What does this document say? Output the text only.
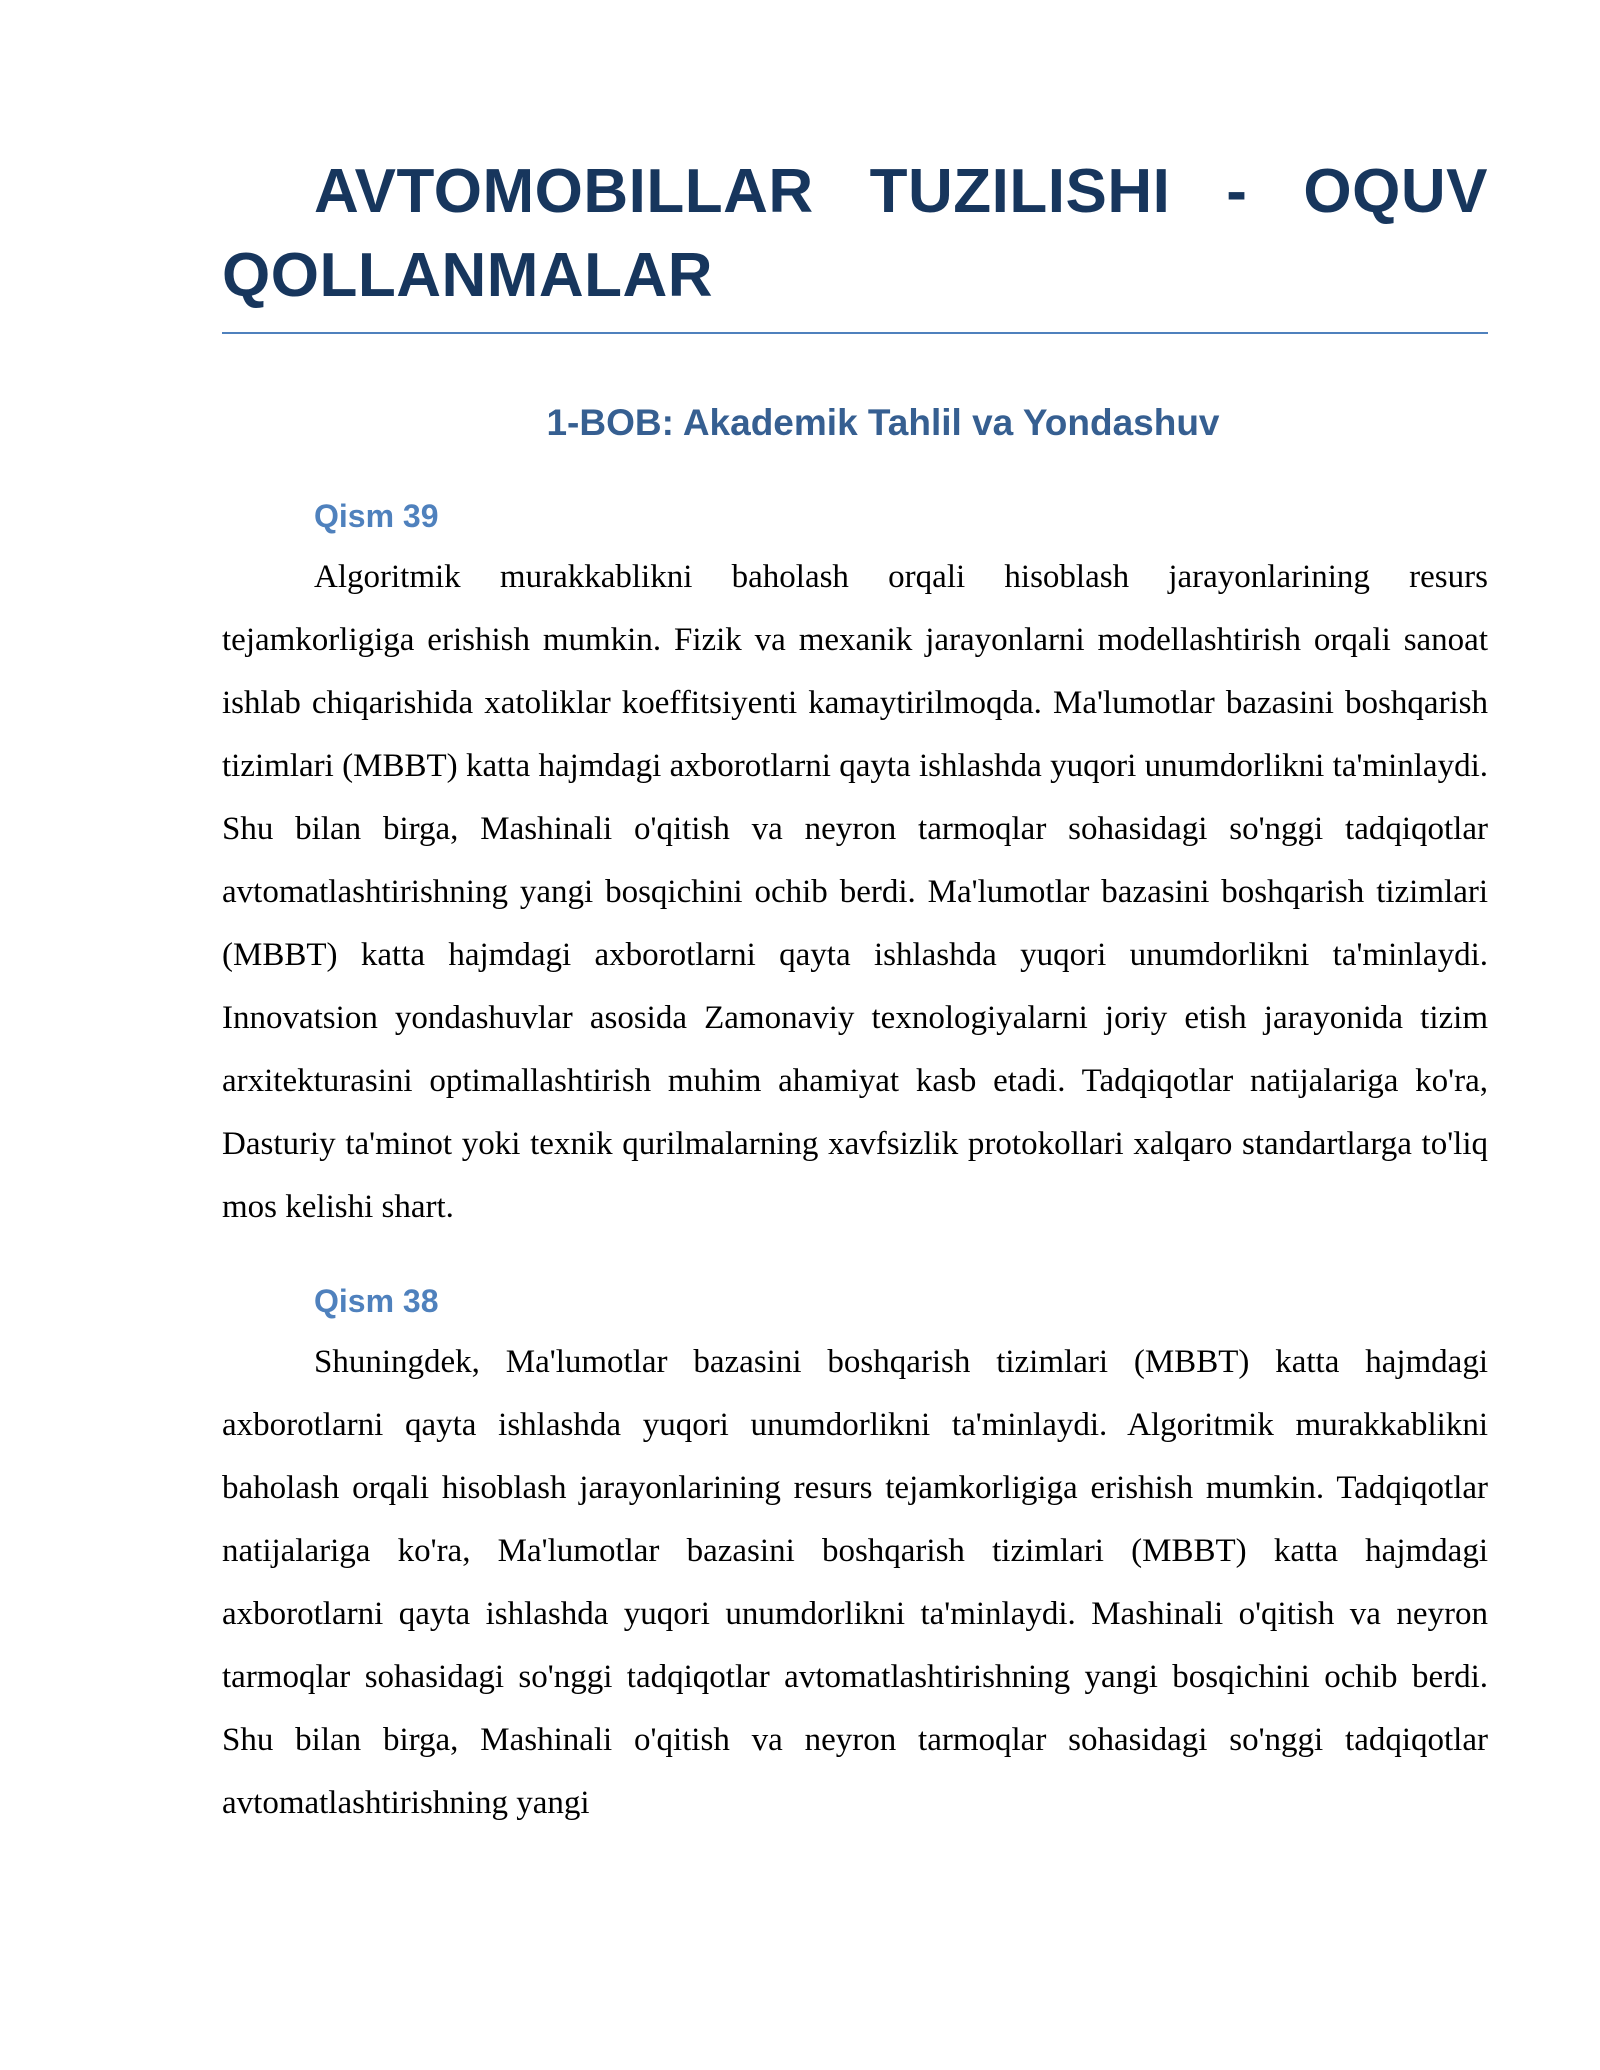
AVTOMOBILLAR TUZILISHI - OQUV QOLLANMALAR
1-BOB: Akademik Tahlil va Yondashuv
Qism 39

Algoritmik murakkablikni baholash orqali hisoblash jarayonlarining resurs tejamkorligiga erishish mumkin. Fizik va mexanik jarayonlarni modellashtirish orqali sanoat ishlab chiqarishida xatoliklar koeffitsiyenti kamaytirilmoqda. Ma'lumotlar bazasini boshqarish tizimlari (MBBT) katta hajmdagi axborotlarni qayta ishlashda yuqori unumdorlikni ta'minlaydi. Shu bilan birga, Mashinali o'qitish va neyron tarmoqlar sohasidagi so'nggi tadqiqotlar avtomatlashtirishning yangi bosqichini ochib berdi. Ma'lumotlar bazasini boshqarish tizimlari (MBBT) katta hajmdagi axborotlarni qayta ishlashda yuqori unumdorlikni ta'minlaydi. Innovatsion yondashuvlar asosida Zamonaviy texnologiyalarni joriy etish jarayonida tizim arxitekturasini optimallashtirish muhim ahamiyat kasb etadi. Tadqiqotlar natijalariga ko'ra, Dasturiy ta'minot yoki texnik qurilmalarning xavfsizlik protokollari xalqaro standartlarga to'liq mos kelishi shart.

Qism 38

Shuningdek, Ma'lumotlar bazasini boshqarish tizimlari (MBBT) katta hajmdagi axborotlarni qayta ishlashda yuqori unumdorlikni ta'minlaydi. Algoritmik murakkablikni baholash orqali hisoblash jarayonlarining resurs tejamkorligiga erishish mumkin. Tadqiqotlar natijalariga ko'ra, Ma'lumotlar bazasini boshqarish tizimlari (MBBT) katta hajmdagi axborotlarni qayta ishlashda yuqori unumdorlikni ta'minlaydi. Mashinali o'qitish va neyron tarmoqlar sohasidagi so'nggi tadqiqotlar avtomatlashtirishning yangi bosqichini ochib berdi. Shu bilan birga, Mashinali o'qitish va neyron tarmoqlar sohasidagi so'nggi tadqiqotlar avtomatlashtirishning yangi
